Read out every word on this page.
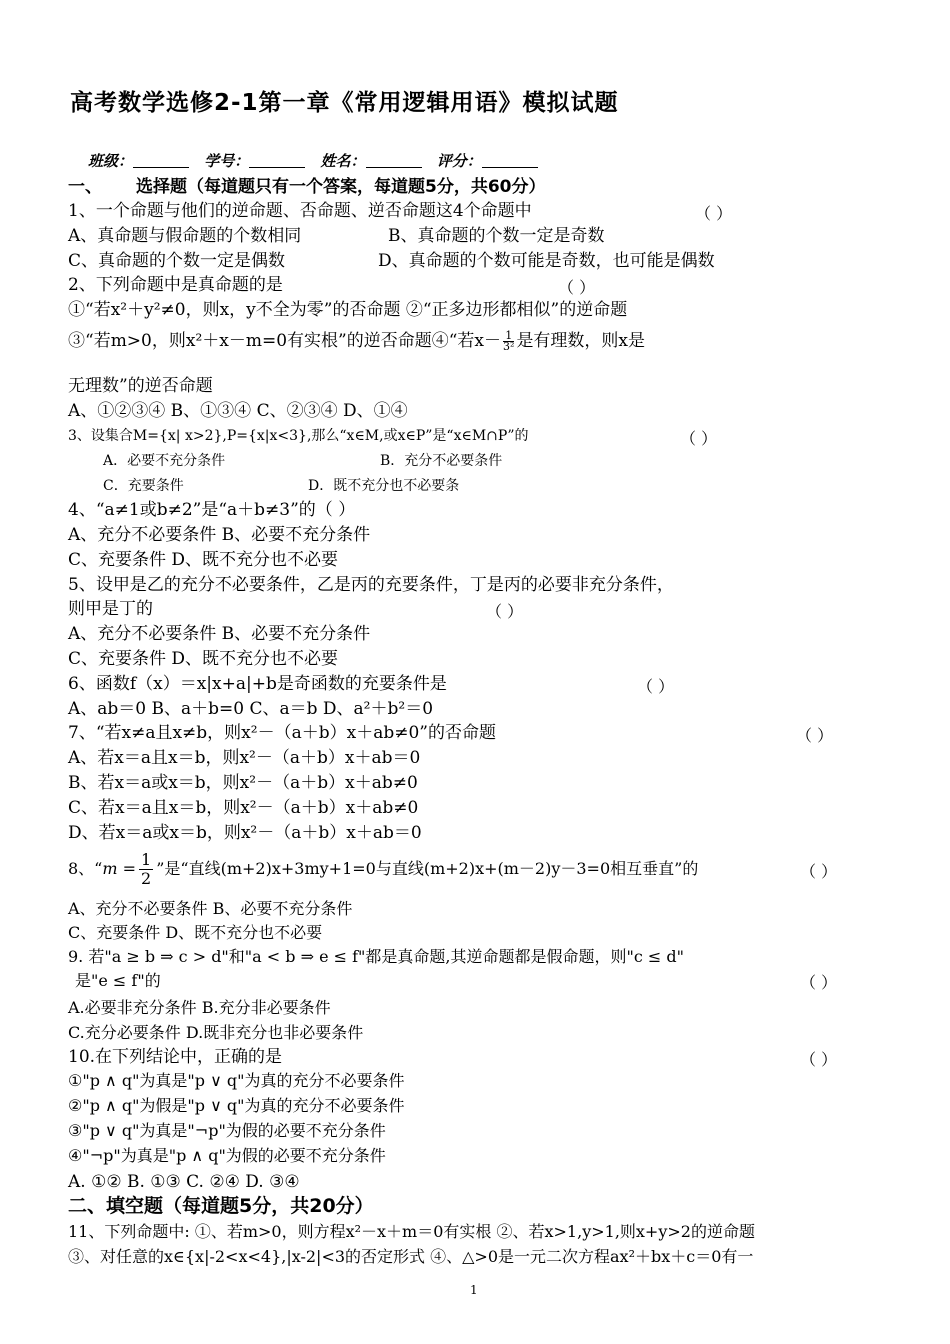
高考数学选修2-1第一章《常用逻辑用语》模拟试题
班级：	学号：	姓名：	评分：
一、 选择题（每道题只有一个答案，每道题5分，共60分）
1、一个命题与他们的逆命题、否命题、逆否命题这4个命题中	（ ）
A、真命题与假命题的个数相同	B、真命题的个数一定是奇数
C、真命题的个数一定是偶数	D、真命题的个数可能是奇数，也可能是偶数
2、下列命题中是真命题的是	（ ）
①“若x²＋y²≠0，则x，y不全为零”的否命题 ②“正多边形都相似”的逆命题
③“若m>0，则x²＋x－m=0有实根”的逆否命题④“若$x- \frac{1}{\text{3²}}$ 是有理数，则x是
无理数”的逆否命题
A、①②③④ B、①③④ C、②③④ D、①④
3、设集合M={x| x>2},P={x|x<3},那么“x∈M,或x∈P”是“x∈M∩P”的	（ ）
A．必要不充分条件	B．充分不必要条件
C．充要条件	D．既不充分也不必要条
4、“a≠1或b≠2”是“a＋b≠3”的（ ）
A、充分不必要条件 B、必要不充分条件
C、充要条件 D、既不充分也不必要
5、设甲是乙的充分不必要条件，乙是丙的充要条件，丁是丙的必要非充分条件，
则甲是丁的	（ ）
A、充分不必要条件 B、必要不充分条件
C、充要条件 D、既不充分也不必要
6、函数f（x）＝x|x+a|+b是奇函数的充要条件是	（ ）
A、ab＝0 B、a＋b=0 C、a＝b D、a²＋b²＝0
7、“若x≠a且x≠b，则x²－（a＋b）x＋ab≠0”的否命题	（ ）
A、若x＝a且x＝b，则x²－（a＋b）x＋ab＝0
B、若x＝a或x＝b，则x²－（a＋b）x＋ab≠0
C、若x＝a且x＝b，则x²－（a＋b）x＋ab≠0
D、若x＝a或x＝b，则x²－（a＋b）x＋ab＝0
8、“$m = \frac{1}{2}$ ”是“直线(m+2)x+3my+1=0与直线(m+2)x+(m－2)y－3=0相互垂直”的	（ ）
A、充分不必要条件 B、必要不充分条件
C、充要条件 D、既不充分也不必要
9. 若"a ≥ b ⇒ c > d"和"a < b ⇒ e ≤ f"都是真命题,其逆命题都是假命题，则"c ≤ d"
是"e ≤ f"的	（ ）
A.必要非充分条件 B.充分非必要条件
C.充分必要条件 D.既非充分也非必要条件
10.在下列结论中，正确的是	（ ）
①"p ∧ q"为真是"p ∨ q"为真的充分不必要条件
②"p ∧ q"为假是"p ∨ q"为真的充分不必要条件
③"p ∨ q"为真是"¬p"为假的必要不充分条件
④"¬p"为真是"p ∧ q"为假的必要不充分条件
A. ①② B. ①③ C. ②④ D. ③④
二、填空题（每道题5分，共20分）
11、下列命题中: ①、若m>0，则方程x²－x＋m＝0有实根 ②、若x>1,y>1,则x+y>2的逆命题
③、对任意的x∈{x|-2<x<4},|x-2|<3的否定形式 ④、△>0是一元二次方程ax²＋bx＋c＝0有一
1
